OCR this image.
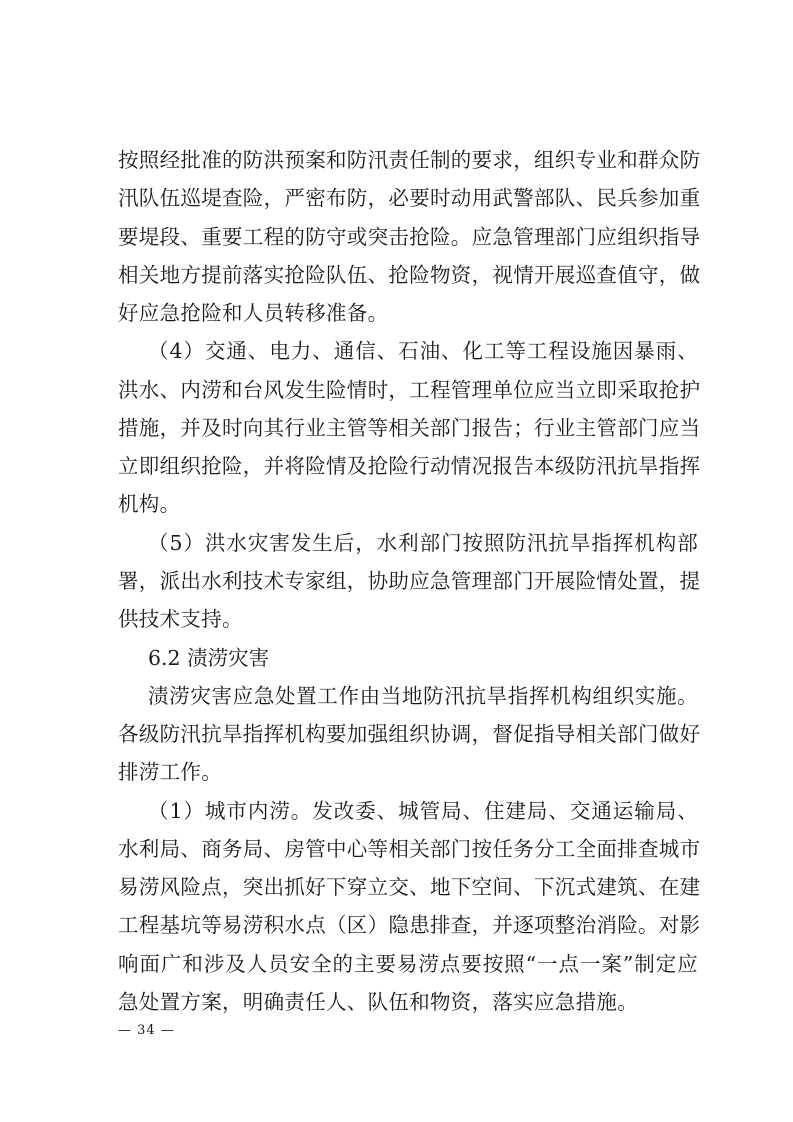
按照经批准的防洪预案和防汛责任制的要求，组织专业和群众防
汛队伍巡堤查险，严密布防，必要时动用武警部队、民兵参加重
要堤段、重要工程的防守或突击抢险。应急管理部门应组织指导
相关地方提前落实抢险队伍、抢险物资，视情开展巡查值守，做
好应急抢险和人员转移准备。
（4）交通、电力、通信、石油、化工等工程设施因暴雨、
洪水、内涝和台风发生险情时，工程管理单位应当立即采取抢护
措施，并及时向其行业主管等相关部门报告；行业主管部门应当
立即组织抢险，并将险情及抢险行动情况报告本级防汛抗旱指挥
机构。
（5）洪水灾害发生后，水利部门按照防汛抗旱指挥机构部
署，派出水利技术专家组，协助应急管理部门开展险情处置，提
供技术支持。
6.2 渍涝灾害
渍涝灾害应急处置工作由当地防汛抗旱指挥机构组织实施。
各级防汛抗旱指挥机构要加强组织协调，督促指导相关部门做好
排涝工作。
（1）城市内涝。发改委、城管局、住建局、交通运输局、
水利局、商务局、房管中心等相关部门按任务分工全面排查城市
易涝风险点，突出抓好下穿立交、地下空间、下沉式建筑、在建
工程基坑等易涝积水点（区）隐患排查，并逐项整治消险。对影
响面广和涉及人员安全的主要易涝点要按照“一点一案”制定应
急处置方案，明确责任人、队伍和物资，落实应急措施。
— 34 —
